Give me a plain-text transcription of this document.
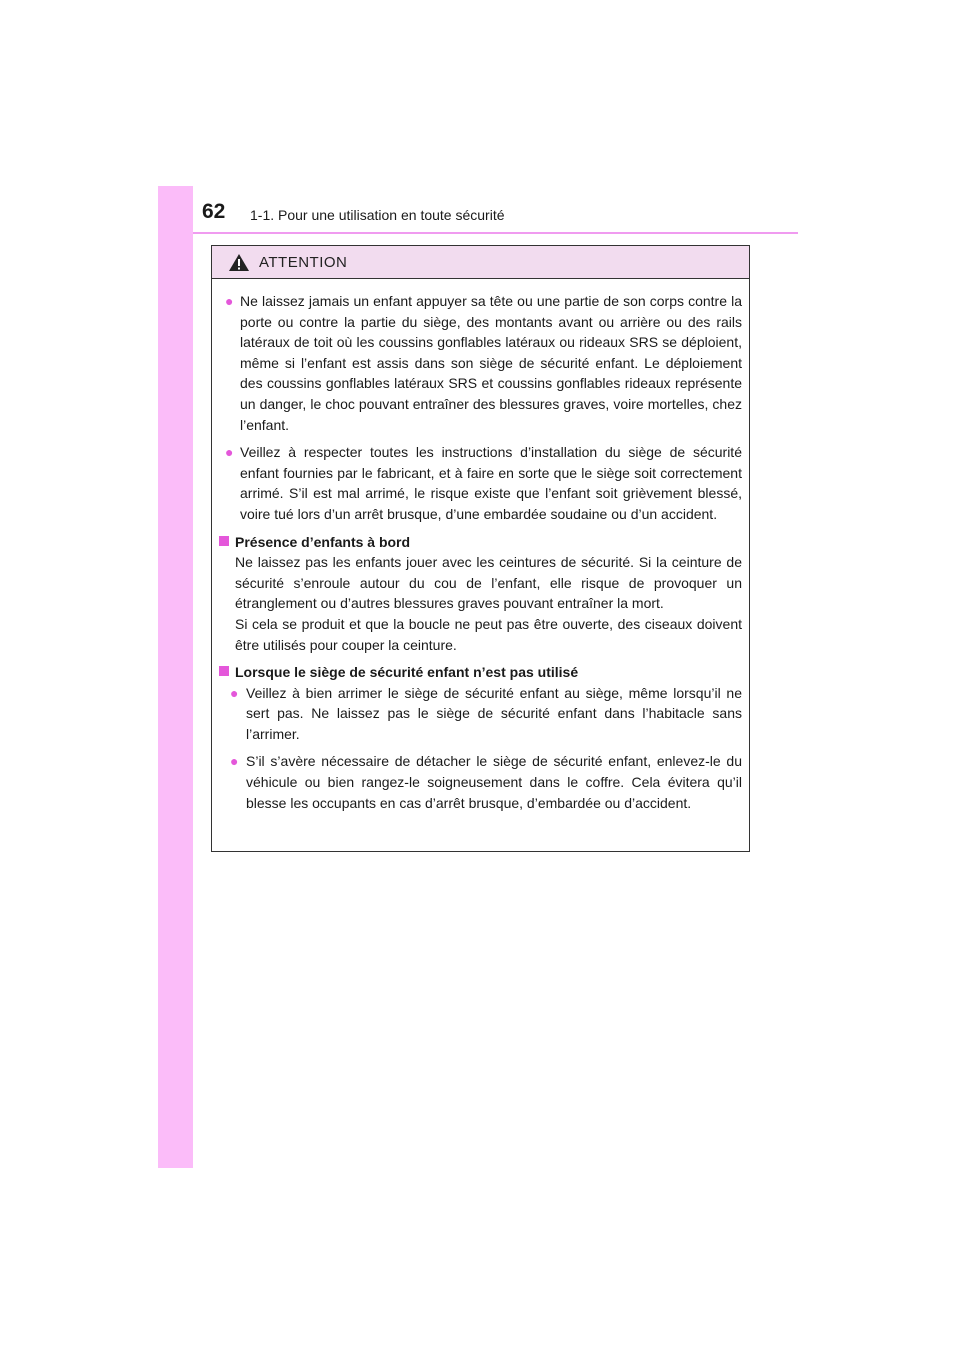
62 1-1. Pour une utilisation en toute sécurité
ATTENTION
● Ne laissez jamais un enfant appuyer sa tête ou une partie de son corps contre la porte ou contre la partie du siège, des montants avant ou arrière ou des rails latéraux de toit où les coussins gonflables latéraux ou rideaux SRS se déploient, même si l’enfant est assis dans son siège de sécurité enfant. Le déploiement des coussins gonflables latéraux SRS et coussins gonflables rideaux représente un danger, le choc pouvant entraîner des blessures graves, voire mortelles, chez l’enfant.
● Veillez à respecter toutes les instructions d’installation du siège de sécurité enfant fournies par le fabricant, et à faire en sorte que le siège soit correctement arrimé. S’il est mal arrimé, le risque existe que l’enfant soit grièvement blessé, voire tué lors d’un arrêt brusque, d’une embardée soudaine ou d’un accident.
Présence d’enfants à bord

Ne laissez pas les enfants jouer avec les ceintures de sécurité. Si la ceinture de sécurité s’enroule autour du cou de l’enfant, elle risque de provoquer un étranglement ou d’autres blessures graves pouvant entraîner la mort.

Si cela se produit et que la boucle ne peut pas être ouverte, des ciseaux doivent être utilisés pour couper la ceinture.

Lorsque le siège de sécurité enfant n’est pas utilisé
● Veillez à bien arrimer le siège de sécurité enfant au siège, même lorsqu’il ne sert pas. Ne laissez pas le siège de sécurité enfant dans l’habitacle sans l’arrimer.
● S’il s’avère nécessaire de détacher le siège de sécurité enfant, enlevez-le du véhicule ou bien rangez-le soigneusement dans le coffre. Cela évitera qu’il blesse les occupants en cas d’arrêt brusque, d’embardée ou d’accident.
